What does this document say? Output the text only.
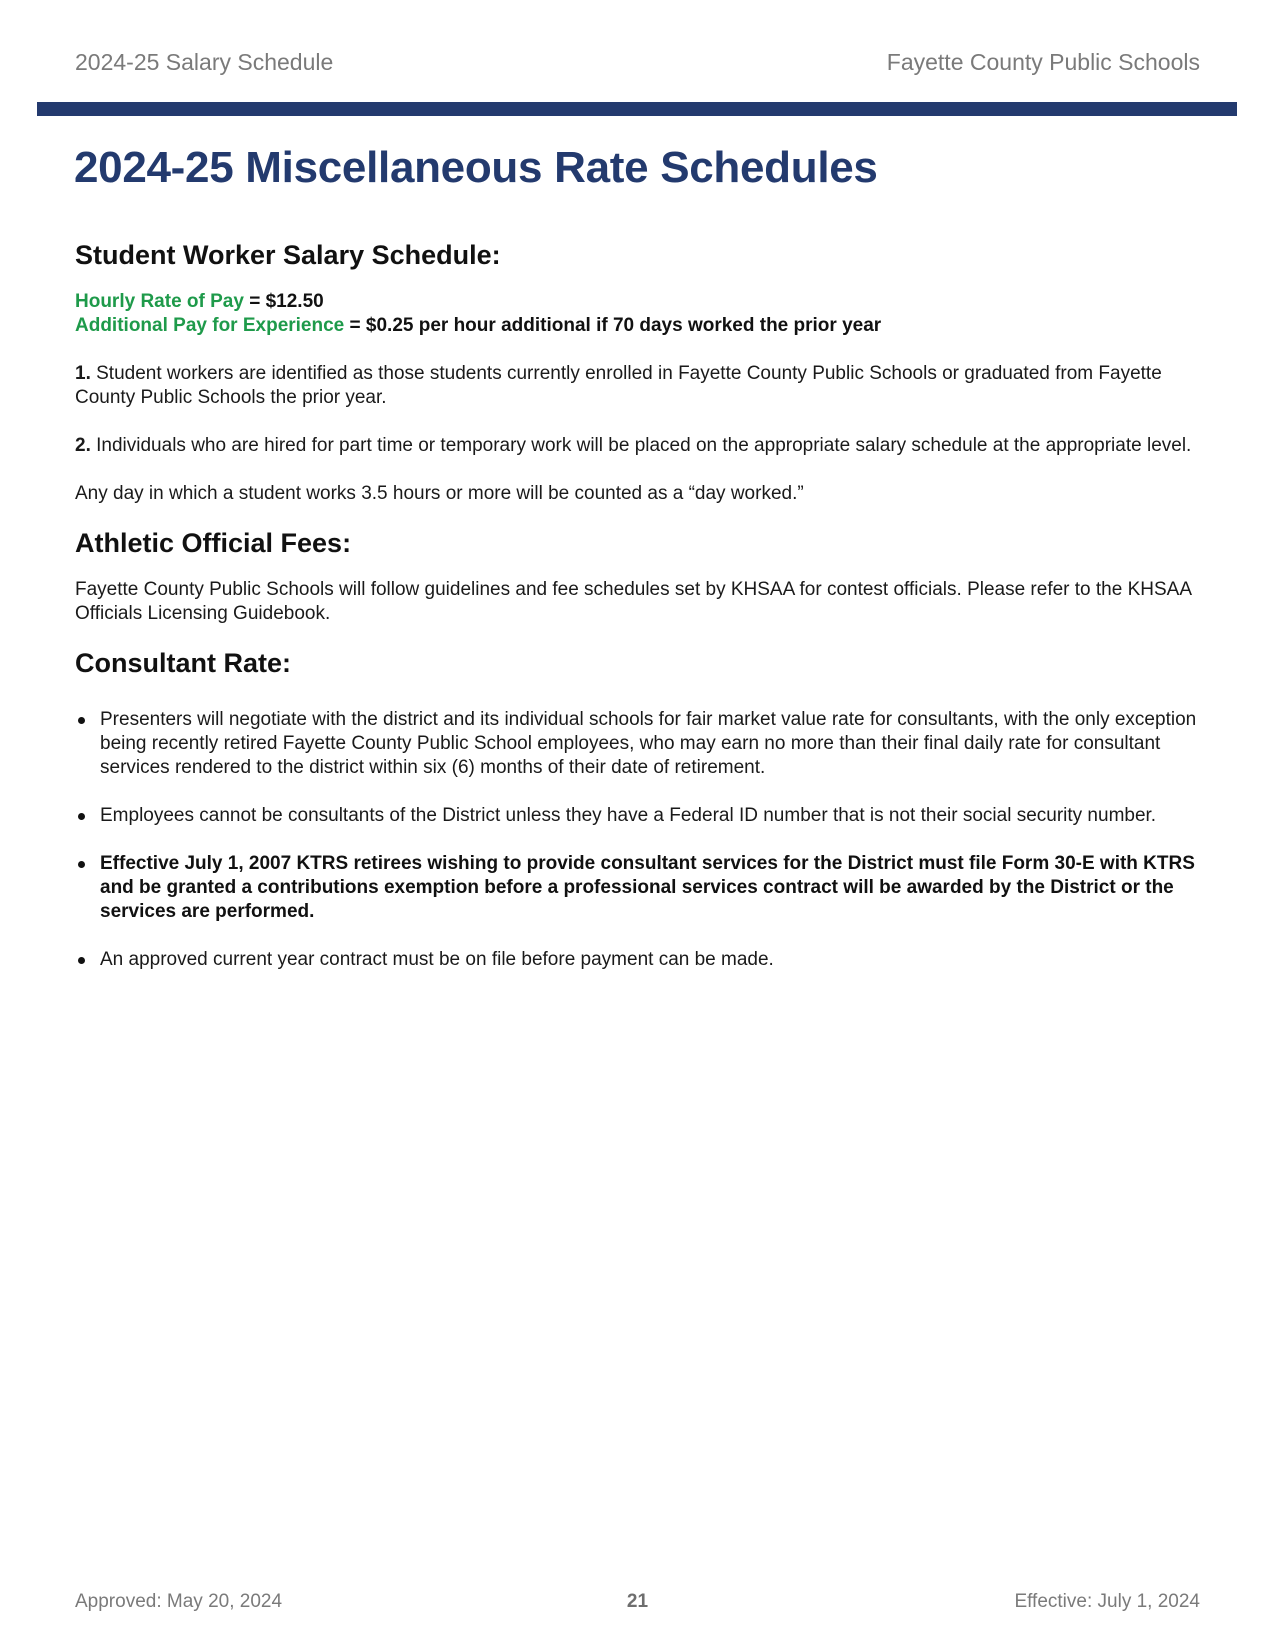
2024-25 Salary Schedule	Fayette County Public Schools
2024-25 Miscellaneous Rate Schedules
Student Worker Salary Schedule:
Hourly Rate of Pay = $12.50
Additional Pay for Experience = $0.25 per hour additional if 70 days worked the prior year

1. Student workers are identified as those students currently enrolled in Fayette County Public Schools or graduated from Fayette County Public Schools the prior year.

2. Individuals who are hired for part time or temporary work will be placed on the appropriate salary schedule at the appropriate level.

Any day in which a student works 3.5 hours or more will be counted as a “day worked.”

Athletic Official Fees:

Fayette County Public Schools will follow guidelines and fee schedules set by KHSAA for contest officials. Please refer to the KHSAA Officials Licensing Guidebook.

Consultant Rate:
Presenters will negotiate with the district and its individual schools for fair market value rate for consultants, with the only exception being recently retired Fayette County Public School employees, who may earn no more than their final daily rate for consultant services rendered to the district within six (6) months of their date of retirement.
Employees cannot be consultants of the District unless they have a Federal ID number that is not their social security number.
Effective July 1, 2007 KTRS retirees wishing to provide consultant services for the District must file Form 30-E with KTRS and be granted a contributions exemption before a professional services contract will be awarded by the District or the services are performed.
An approved current year contract must be on file before payment can be made.
Approved: May 20, 2024	21	Effective: July 1, 2024
